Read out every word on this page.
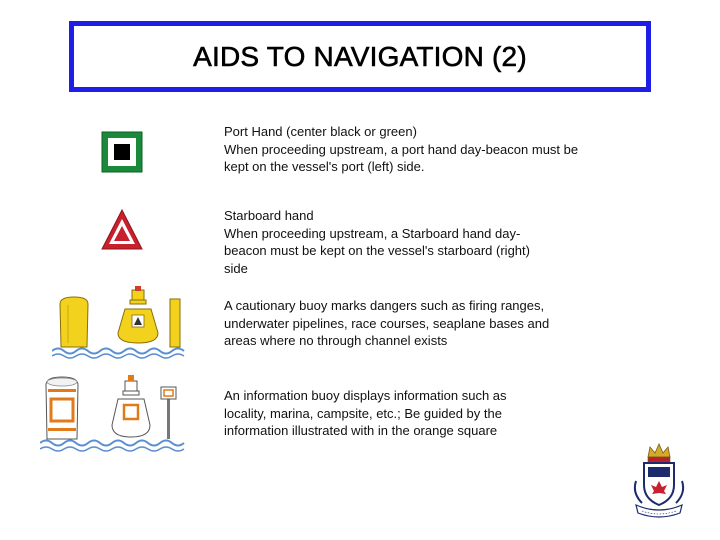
AIDS TO NAVIGATION (2)
Port Hand (center black or green)
When proceeding upstream, a port hand day-beacon must be
kept on the vessel's port (left) side.
Starboard hand
When proceeding upstream, a Starboard hand day-
beacon must be kept on the vessel's starboard (right)
side
A cautionary buoy marks dangers such as firing ranges,
underwater pipelines, race courses, seaplane bases and
areas where no through channel exists
An information buoy displays information such as
locality, marina, campsite, etc.; Be guided by the
information illustrated with in the orange square
